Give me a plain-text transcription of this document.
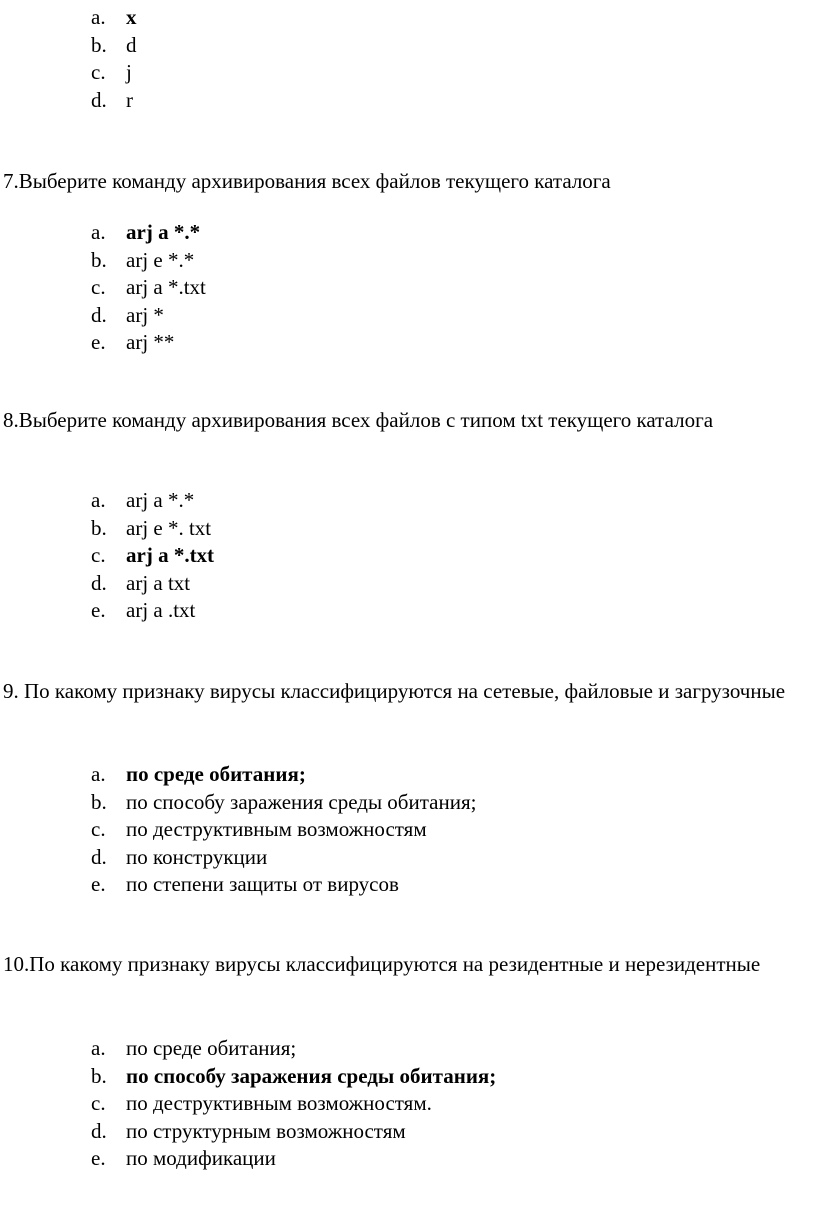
a. x
b. d
c. j
d. r

7.Выберите команду архивирования всех файлов текущего каталога

a. arj a *.*
b. arj e *.*
c. arj a *.txt
d. arj *
e. arj **

8.Выберите команду архивирования всех файлов с типом txt текущего каталога

a. arj a *.*
b. arj e *. txt
c. arj a *.txt
d. arj a txt
e. arj a .txt

9. По какому признаку вирусы классифицируются на сетевые, файловые и загрузочные

a. по среде обитания;
b. по способу заражения среды обитания;
c. по деструктивным возможностям
d. по конструкции
e. по степени защиты от вирусов

10.По какому признаку вирусы классифицируются на резидентные и нерезидентные

a. по среде обитания;
b. по способу заражения среды обитания;
c. по деструктивным возможностям.
d. по структурным возможностям
e. по модификации
